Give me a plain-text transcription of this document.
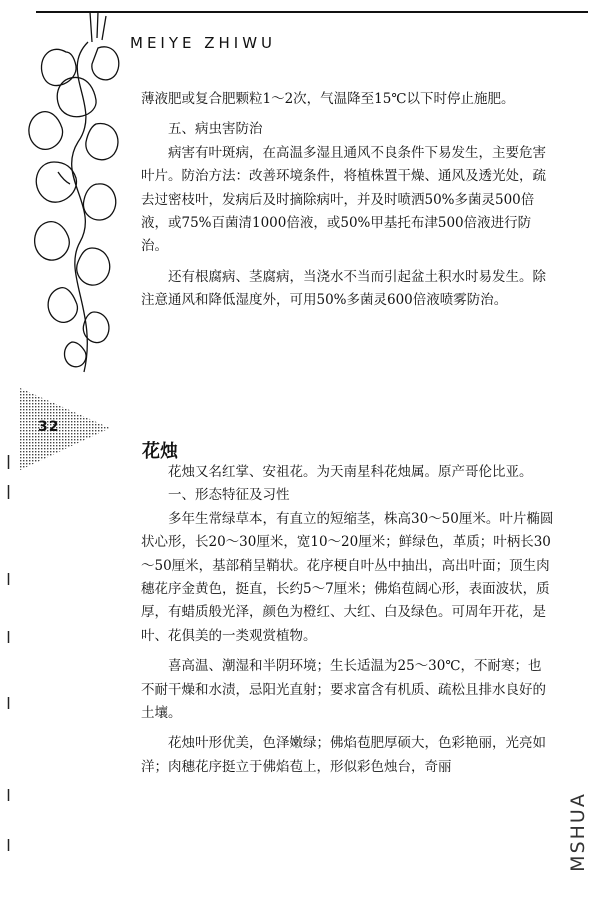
MEIYE ZHIWU
32

薄液肥或复合肥颗粒1～2次，气温降至15℃以下时停止施肥。

五、病虫害防治

病害有叶斑病，在高温多湿且通风不良条件下易发生，主要危害叶片。防治方法：改善环境条件，将植株置干燥、通风及透光处，疏去过密枝叶，发病后及时摘除病叶，并及时喷洒50%多菌灵500倍液，或75%百菌清1000倍液，或50%甲基托布津500倍液进行防治。

还有根腐病、茎腐病，当浇水不当而引起盆土积水时易发生。除注意通风和降低湿度外，可用50%多菌灵600倍液喷雾防治。

花烛

花烛又名红掌、安祖花。为天南星科花烛属。原产哥伦比亚。

一、形态特征及习性

多年生常绿草本，有直立的短缩茎，株高30～50厘米。叶片椭圆状心形，长20～30厘米，宽10～20厘米；鲜绿色，革质；叶柄长30～50厘米，基部稍呈鞘状。花序梗自叶丛中抽出，高出叶面；顶生肉穗花序金黄色，挺直，长约5～7厘米；佛焰苞阔心形，表面波状，质厚，有蜡质般光泽，颜色为橙红、大红、白及绿色。可周年开花，是叶、花俱美的一类观赏植物。

喜高温、潮湿和半阴环境；生长适温为25～30℃，不耐寒；也不耐干燥和水渍，忌阳光直射；要求富含有机质、疏松且排水良好的土壤。

花烛叶形优美，色泽嫩绿；佛焰苞肥厚硕大，色彩艳丽，光亮如洋；肉穗花序挺立于佛焰苞上，形似彩色烛台，奇丽

MSHUA
